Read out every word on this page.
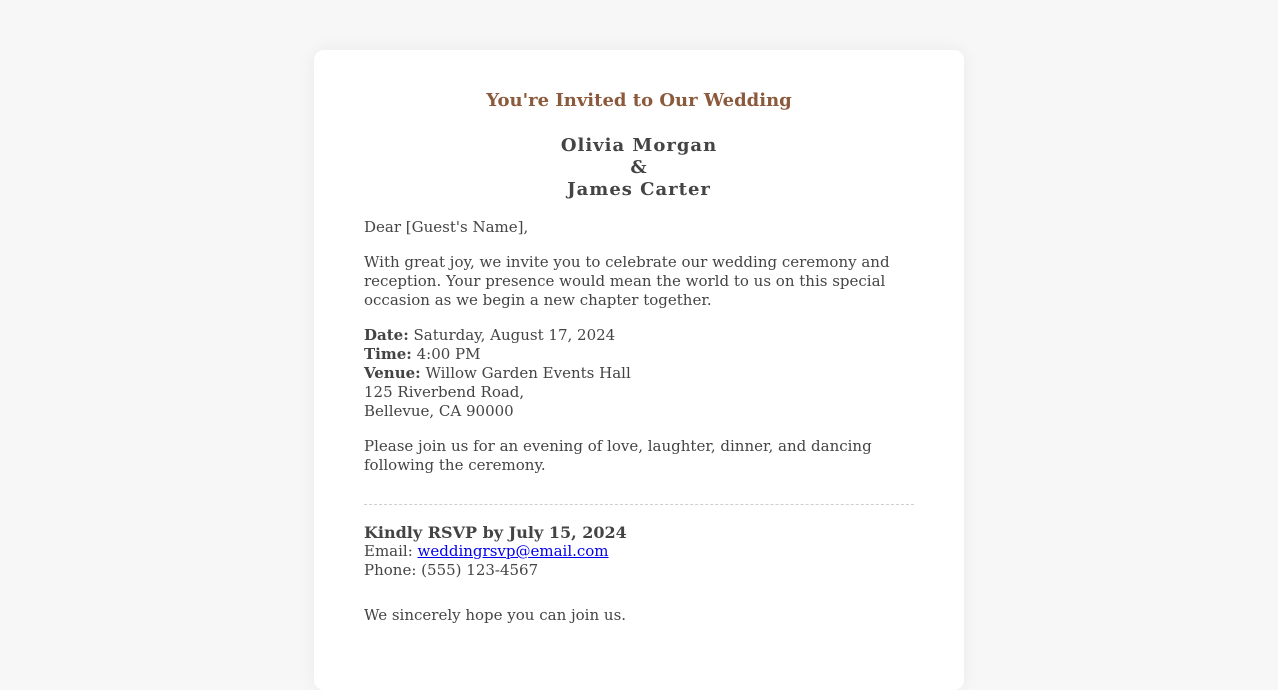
You're Invited to Our Wedding
Olivia Morgan
&
James Carter

Dear [Guest's Name],

With great joy, we invite you to celebrate our wedding ceremony and reception. Your presence would mean the world to us on this special occasion as we begin a new chapter together.

Date: Saturday, August 17, 2024
Time: 4:00 PM
Venue: Willow Garden Events Hall
125 Riverbend Road,
Bellevue, CA 90000

Please join us for an evening of love, laughter, dinner, and dancing following the ceremony.

Kindly RSVP by July 15, 2024
Email: weddingrsvp@email.com
Phone: (555) 123-4567

We sincerely hope you can join us.
